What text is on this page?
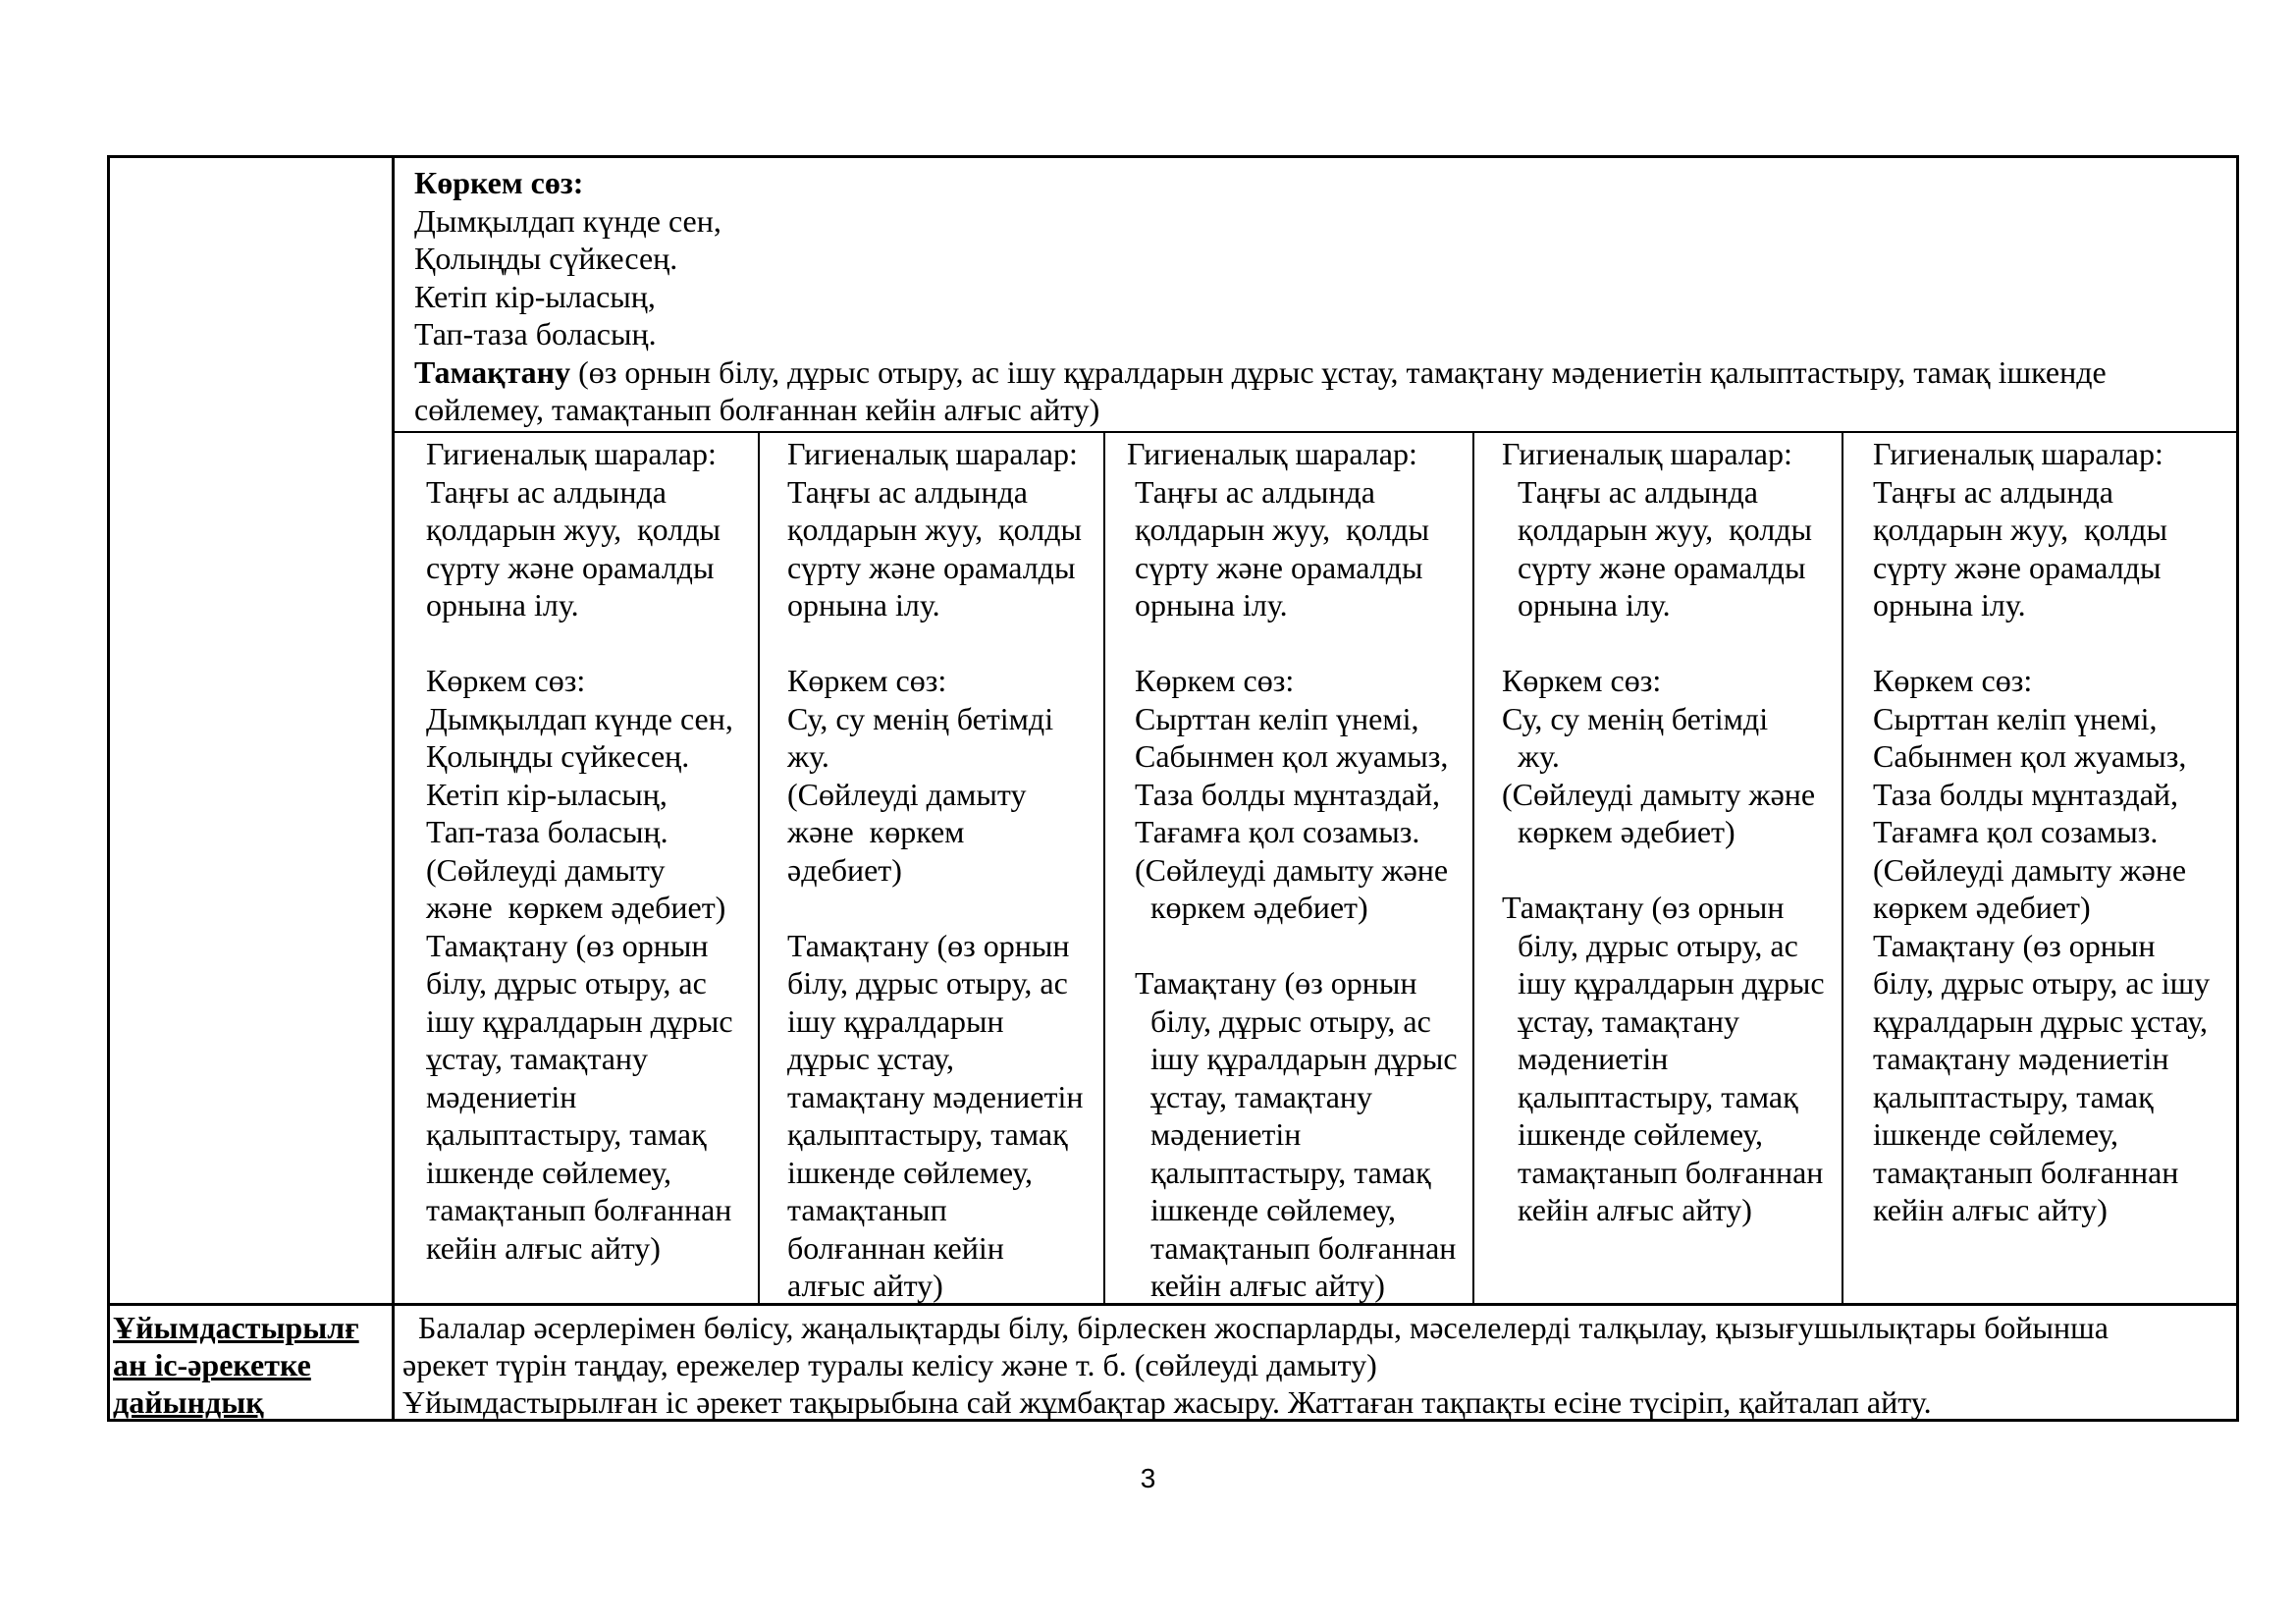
Көркем сөз:
Дымқылдап күнде сен,
Қолыңды сүйкесең.
Кетіп кір-ыласың,
Тап-таза боласың.
Тамақтану (өз орнын білу, дұрыс отыру, ас ішу құралдарын дұрыс ұстау, тамақтану мәдениетін қалыптастыру, тамақ ішкенде
сөйлемеу, тамақтанып болғаннан кейін алғыс айту)
Гигиеналық шаралар:
Таңғы ас алдында
қолдарын жуу,  қолды
сүрту және орамалды
орнына ілу.

Көркем сөз:
Дымқылдап күнде сен,
Қолыңды сүйкесең.
Кетіп кір-ыласың,
Тап-таза боласың.
(Сөйлеуді дамыту
және  көркем әдебиет)
Тамақтану (өз орнын
білу, дұрыс отыру, ас
ішу құралдарын дұрыс
ұстау, тамақтану
мәдениетін
қалыптастыру, тамақ
ішкенде сөйлемеу,
тамақтанып болғаннан
кейін алғыс айту)
Гигиеналық шаралар:
Таңғы ас алдында
қолдарын жуу,  қолды
сүрту және орамалды
орнына ілу.

Көркем сөз:
Су, су менің бетімді
жу.
(Сөйлеуді дамыту
және  көркем
әдебиет)

Тамақтану (өз орнын
білу, дұрыс отыру, ас
ішу құралдарын
дұрыс ұстау,
тамақтану мәдениетін
қалыптастыру, тамақ
ішкенде сөйлемеу,
тамақтанып
болғаннан кейін
алғыс айту)
Гигиеналық шаралар:
Таңғы ас алдында
қолдарын жуу,  қолды
сүрту және орамалды
орнына ілу.

Көркем сөз:
Сырттан келіп үнемі,
Сабынмен қол жуамыз,
Таза болды мұнтаздай,
Тағамға қол созамыз.
(Сөйлеуді дамыту және
көркем әдебиет)

Тамақтану (өз орнын
білу, дұрыс отыру, ас
ішу құралдарын дұрыс
ұстау, тамақтану
мәдениетін
қалыптастыру, тамақ
ішкенде сөйлемеу,
тамақтанып болғаннан
кейін алғыс айту)
Гигиеналық шаралар:
Таңғы ас алдында
қолдарын жуу,  қолды
сүрту және орамалды
орнына ілу.

Көркем сөз:
Су, су менің бетімді
жу.
(Сөйлеуді дамыту және
көркем әдебиет)

Тамақтану (өз орнын
білу, дұрыс отыру, ас
ішу құралдарын дұрыс
ұстау, тамақтану
мәдениетін
қалыптастыру, тамақ
ішкенде сөйлемеу,
тамақтанып болғаннан
кейін алғыс айту)
Гигиеналық шаралар:
Таңғы ас алдында
қолдарын жуу,  қолды
сүрту және орамалды
орнына ілу.

Көркем сөз:
Сырттан келіп үнемі,
Сабынмен қол жуамыз,
Таза болды мұнтаздай,
Тағамға қол созамыз.
(Сөйлеуді дамыту және
көркем әдебиет)
Тамақтану (өз орнын
білу, дұрыс отыру, ас ішу
құралдарын дұрыс ұстау,
тамақтану мәдениетін
қалыптастыру, тамақ
ішкенде сөйлемеу,
тамақтанып болғаннан
кейін алғыс айту)
Ұйымдастырылғ
ан іс-әрекетке
дайындық
Балалар әсерлерімен бөлісу, жаңалықтарды білу, бірлескен жоспарларды, мәселелерді талқылау, қызығушылықтары бойынша
әрекет түрін таңдау, ережелер туралы келісу және т. б. (сөйлеуді дамыту)
Ұйымдастырылған іс әрекет тақырыбына сай жұмбақтар жасыру. Жаттаған тақпақты есіне түсіріп, қайталап айту.
3
